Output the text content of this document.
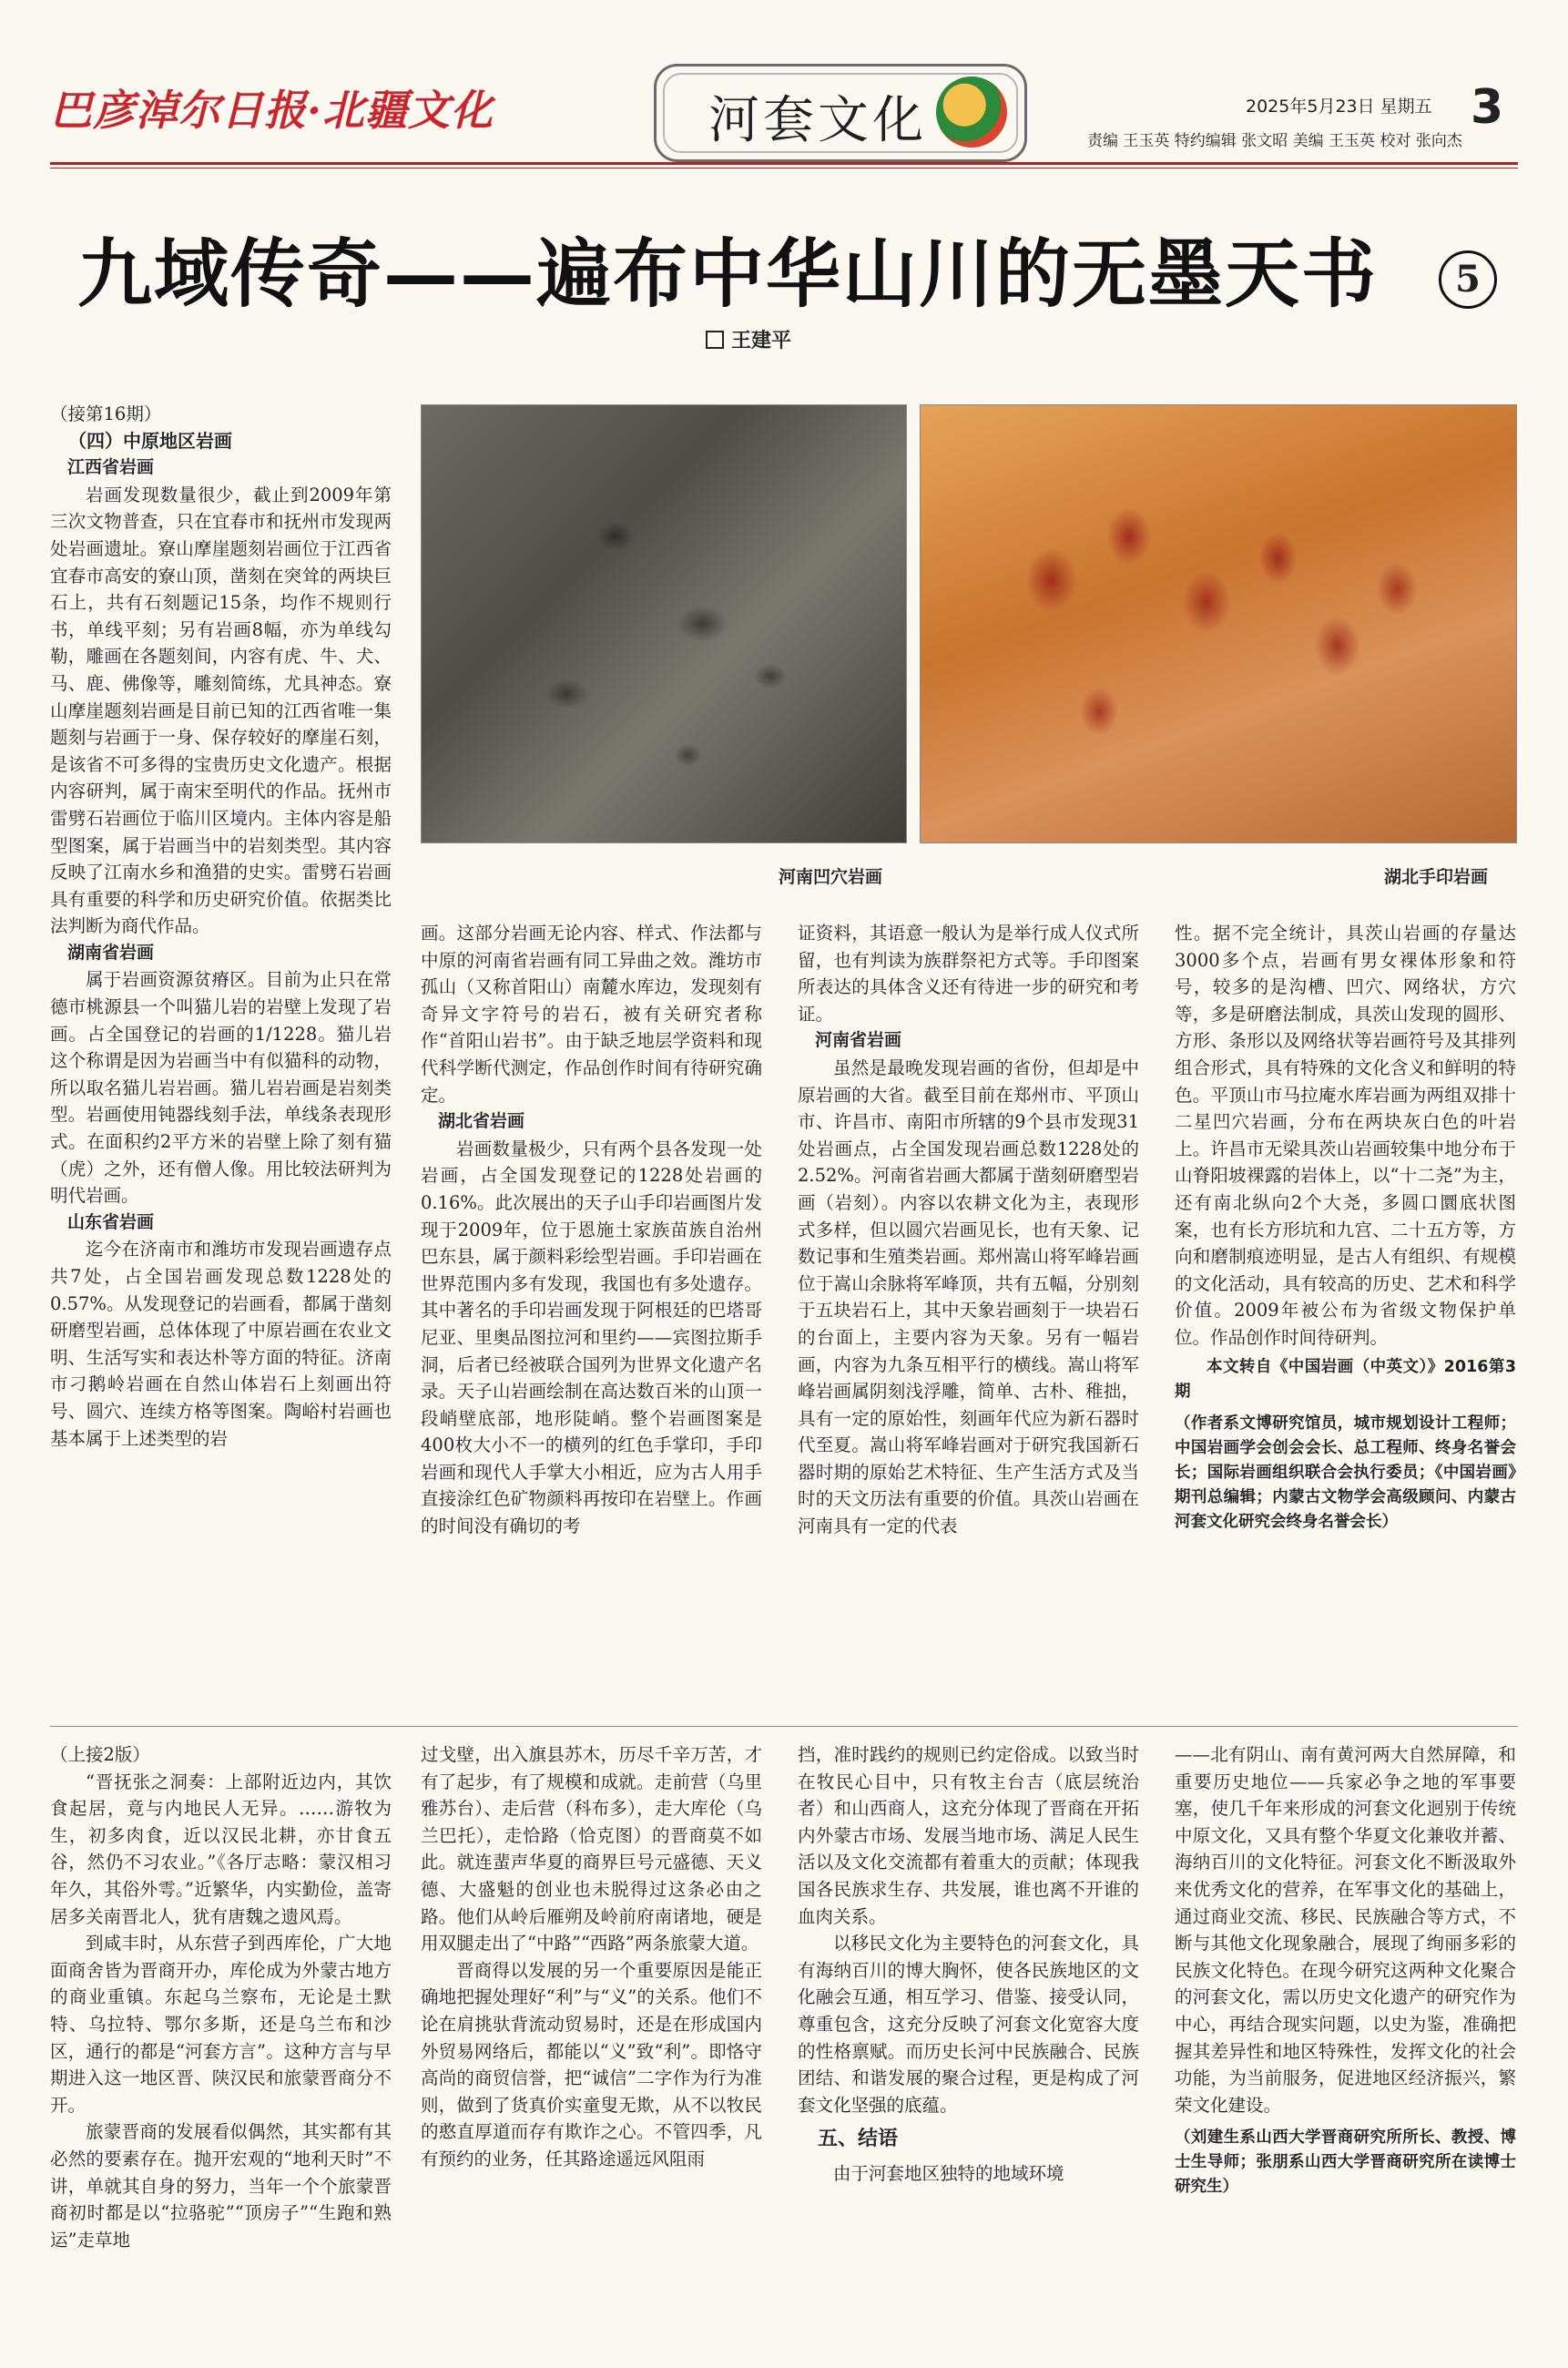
巴彦淖尔日报·北疆文化	河套文化	2025年5月23日 星期五 3
责编 王玉英 特约编辑 张文昭 美编 王玉英 校对 张向杰
九域传奇——遍布中华山川的无墨天书	5
王建平
河南凹穴岩画	湖北手印岩画

（接第16期）

（四）中原地区岩画

江西省岩画

岩画发现数量很少，截止到2009年第三次文物普查，只在宜春市和抚州市发现两处岩画遗址。寮山摩崖题刻岩画位于江西省宜春市高安的寮山顶，凿刻在突耸的两块巨石上，共有石刻题记15条，均作不规则行书，单线平刻；另有岩画8幅，亦为单线勾勒，雕画在各题刻间，内容有虎、牛、犬、马、鹿、佛像等，雕刻简练，尤具神态。寮山摩崖题刻岩画是目前已知的江西省唯一集题刻与岩画于一身、保存较好的摩崖石刻，是该省不可多得的宝贵历史文化遗产。根据内容研判，属于南宋至明代的作品。抚州市雷劈石岩画位于临川区境内。主体内容是船型图案，属于岩画当中的岩刻类型。其内容反映了江南水乡和渔猎的史实。雷劈石岩画具有重要的科学和历史研究价值。依据类比法判断为商代作品。

湖南省岩画

属于岩画资源贫瘠区。目前为止只在常德市桃源县一个叫猫儿岩的岩壁上发现了岩画。占全国登记的岩画的1/1228。猫儿岩这个称谓是因为岩画当中有似猫科的动物，所以取名猫儿岩岩画。猫儿岩岩画是岩刻类型。岩画使用钝器线刻手法，单线条表现形式。在面积约2平方米的岩壁上除了刻有猫（虎）之外，还有僧人像。用比较法研判为明代岩画。

山东省岩画

迄今在济南市和潍坊市发现岩画遗存点共7处，占全国岩画发现总数1228处的0.57%。从发现登记的岩画看，都属于凿刻研磨型岩画，总体体现了中原岩画在农业文明、生活写实和表达朴等方面的特征。济南市刁鹅岭岩画在自然山体岩石上刻画出符号、圆穴、连续方格等图案。陶峪村岩画也基本属于上述类型的岩

画。这部分岩画无论内容、样式、作法都与中原的河南省岩画有同工异曲之效。潍坊市孤山（又称首阳山）南麓水库边，发现刻有奇异文字符号的岩石，被有关研究者称作“首阳山岩书”。由于缺乏地层学资料和现代科学断代测定，作品创作时间有待研究确定。

湖北省岩画

岩画数量极少，只有两个县各发现一处岩画，占全国发现登记的1228处岩画的0.16%。此次展出的天子山手印岩画图片发现于2009年，位于恩施土家族苗族自治州巴东县，属于颜料彩绘型岩画。手印岩画在世界范围内多有发现，我国也有多处遗存。其中著名的手印岩画发现于阿根廷的巴塔哥尼亚、里奥品图拉河和里约——宾图拉斯手洞，后者已经被联合国列为世界文化遗产名录。天子山岩画绘制在高达数百米的山顶一段峭壁底部，地形陡峭。整个岩画图案是400枚大小不一的横列的红色手掌印，手印岩画和现代人手掌大小相近，应为古人用手直接涂红色矿物颜料再按印在岩壁上。作画的时间没有确切的考

证资料，其语意一般认为是举行成人仪式所留，也有判读为族群祭祀方式等。手印图案所表达的具体含义还有待进一步的研究和考证。

河南省岩画

虽然是最晚发现岩画的省份，但却是中原岩画的大省。截至目前在郑州市、平顶山市、许昌市、南阳市所辖的9个县市发现31处岩画点，占全国发现岩画总数1228处的2.52%。河南省岩画大都属于凿刻研磨型岩画（岩刻）。内容以农耕文化为主，表现形式多样，但以圆穴岩画见长，也有天象、记数记事和生殖类岩画。郑州嵩山将军峰岩画位于嵩山余脉将军峰顶，共有五幅，分别刻于五块岩石上，其中天象岩画刻于一块岩石的台面上，主要内容为天象。另有一幅岩画，内容为九条互相平行的横线。嵩山将军峰岩画属阴刻浅浮雕，简单、古朴、稚拙，具有一定的原始性，刻画年代应为新石器时代至夏。嵩山将军峰岩画对于研究我国新石器时期的原始艺术特征、生产生活方式及当时的天文历法有重要的价值。具茨山岩画在河南具有一定的代表

性。据不完全统计，具茨山岩画的存量达3000多个点，岩画有男女裸体形象和符号，较多的是沟槽、凹穴、网络状，方穴等，多是研磨法制成，具茨山发现的圆形、方形、条形以及网络状等岩画符号及其排列组合形式，具有特殊的文化含义和鲜明的特色。平顶山市马拉庵水库岩画为两组双排十二星凹穴岩画，分布在两块灰白色的叶岩上。许昌市无梁具茨山岩画较集中地分布于山脊阳坡裸露的岩体上，以“十二尧”为主，还有南北纵向2个大尧，多圆口圜底状图案，也有长方形坑和九宫、二十五方等，方向和磨制痕迹明显，是古人有组织、有规模的文化活动，具有较高的历史、艺术和科学价值。2009年被公布为省级文物保护单位。作品创作时间待研判。

本文转自《中国岩画（中英文）》2016第3期

（作者系文博研究馆员，城市规划设计工程师；中国岩画学会创会会长、总工程师、终身名誉会长；国际岩画组织联合会执行委员；《中国岩画》期刊总编辑；内蒙古文物学会高级顾问、内蒙古河套文化研究会终身名誉会长）

（上接2版）

“晋抚张之洞奏：上部附近边内，其饮食起居，竟与内地民人无异。……游牧为生，初多肉食，近以汉民北耕，亦甘食五谷，然仍不习农业。”《各厅志略：蒙汉相习年久，其俗外雩。”近繁华，内实勤俭，盖寄居多关南晋北人，犹有唐魏之遗风焉。

到咸丰时，从东营子到西库伦，广大地面商舍皆为晋商开办，库伦成为外蒙古地方的商业重镇。东起乌兰察布，无论是土默特、乌拉特、鄂尔多斯，还是乌兰布和沙区，通行的都是“河套方言”。这种方言与早期进入这一地区晋、陕汉民和旅蒙晋商分不开。

旅蒙晋商的发展看似偶然，其实都有其必然的要素存在。抛开宏观的“地利天时”不讲，单就其自身的努力，当年一个个旅蒙晋商初时都是以“拉骆驼”“顶房子”“生跑和熟运”走草地

过戈壁，出入旗县苏木，历尽千辛万苦，才有了起步，有了规模和成就。走前营（乌里雅苏台）、走后营（科布多），走大库伦（乌兰巴托），走恰路（恰克图）的晋商莫不如此。就连蜚声华夏的商界巨号元盛德、天义德、大盛魁的创业也未脱得过这条必由之路。他们从岭后雁朔及岭前府南诸地，硬是用双腿走出了“中路”“西路”两条旅蒙大道。

晋商得以发展的另一个重要原因是能正确地把握处理好“利”与“义”的关系。他们不论在肩挑驮背流动贸易时，还是在形成国内外贸易网络后，都能以“义”致“利”。即恪守高尚的商贸信誉，把“诚信”二字作为行为准则，做到了货真价实童叟无欺，从不以牧民的憨直厚道而存有欺诈之心。不管四季，凡有预约的业务，任其路途遥远风阻雨

挡，准时践约的规则已约定俗成。以致当时在牧民心目中，只有牧主台吉（底层统治者）和山西商人，这充分体现了晋商在开拓内外蒙古市场、发展当地市场、满足人民生活以及文化交流都有着重大的贡献；体现我国各民族求生存、共发展，谁也离不开谁的血肉关系。

以移民文化为主要特色的河套文化，具有海纳百川的博大胸怀，使各民族地区的文化融会互通，相互学习、借鉴、接受认同，尊重包含，这充分反映了河套文化宽容大度的性格禀赋。而历史长河中民族融合、民族团结、和谐发展的聚合过程，更是构成了河套文化坚强的底蕴。

五、结语

由于河套地区独特的地域环境

——北有阴山、南有黄河两大自然屏障，和重要历史地位——兵家必争之地的军事要塞，使几千年来形成的河套文化迥别于传统中原文化，又具有整个华夏文化兼收并蓄、海纳百川的文化特征。河套文化不断汲取外来优秀文化的营养，在军事文化的基础上，通过商业交流、移民、民族融合等方式，不断与其他文化现象融合，展现了绚丽多彩的民族文化特色。在现今研究这两种文化聚合的河套文化，需以历史文化遗产的研究作为中心，再结合现实问题，以史为鉴，准确把握其差异性和地区特殊性，发挥文化的社会功能，为当前服务，促进地区经济振兴，繁荣文化建设。

（刘建生系山西大学晋商研究所所长、教授、博士生导师；张朋系山西大学晋商研究所在读博士研究生）
